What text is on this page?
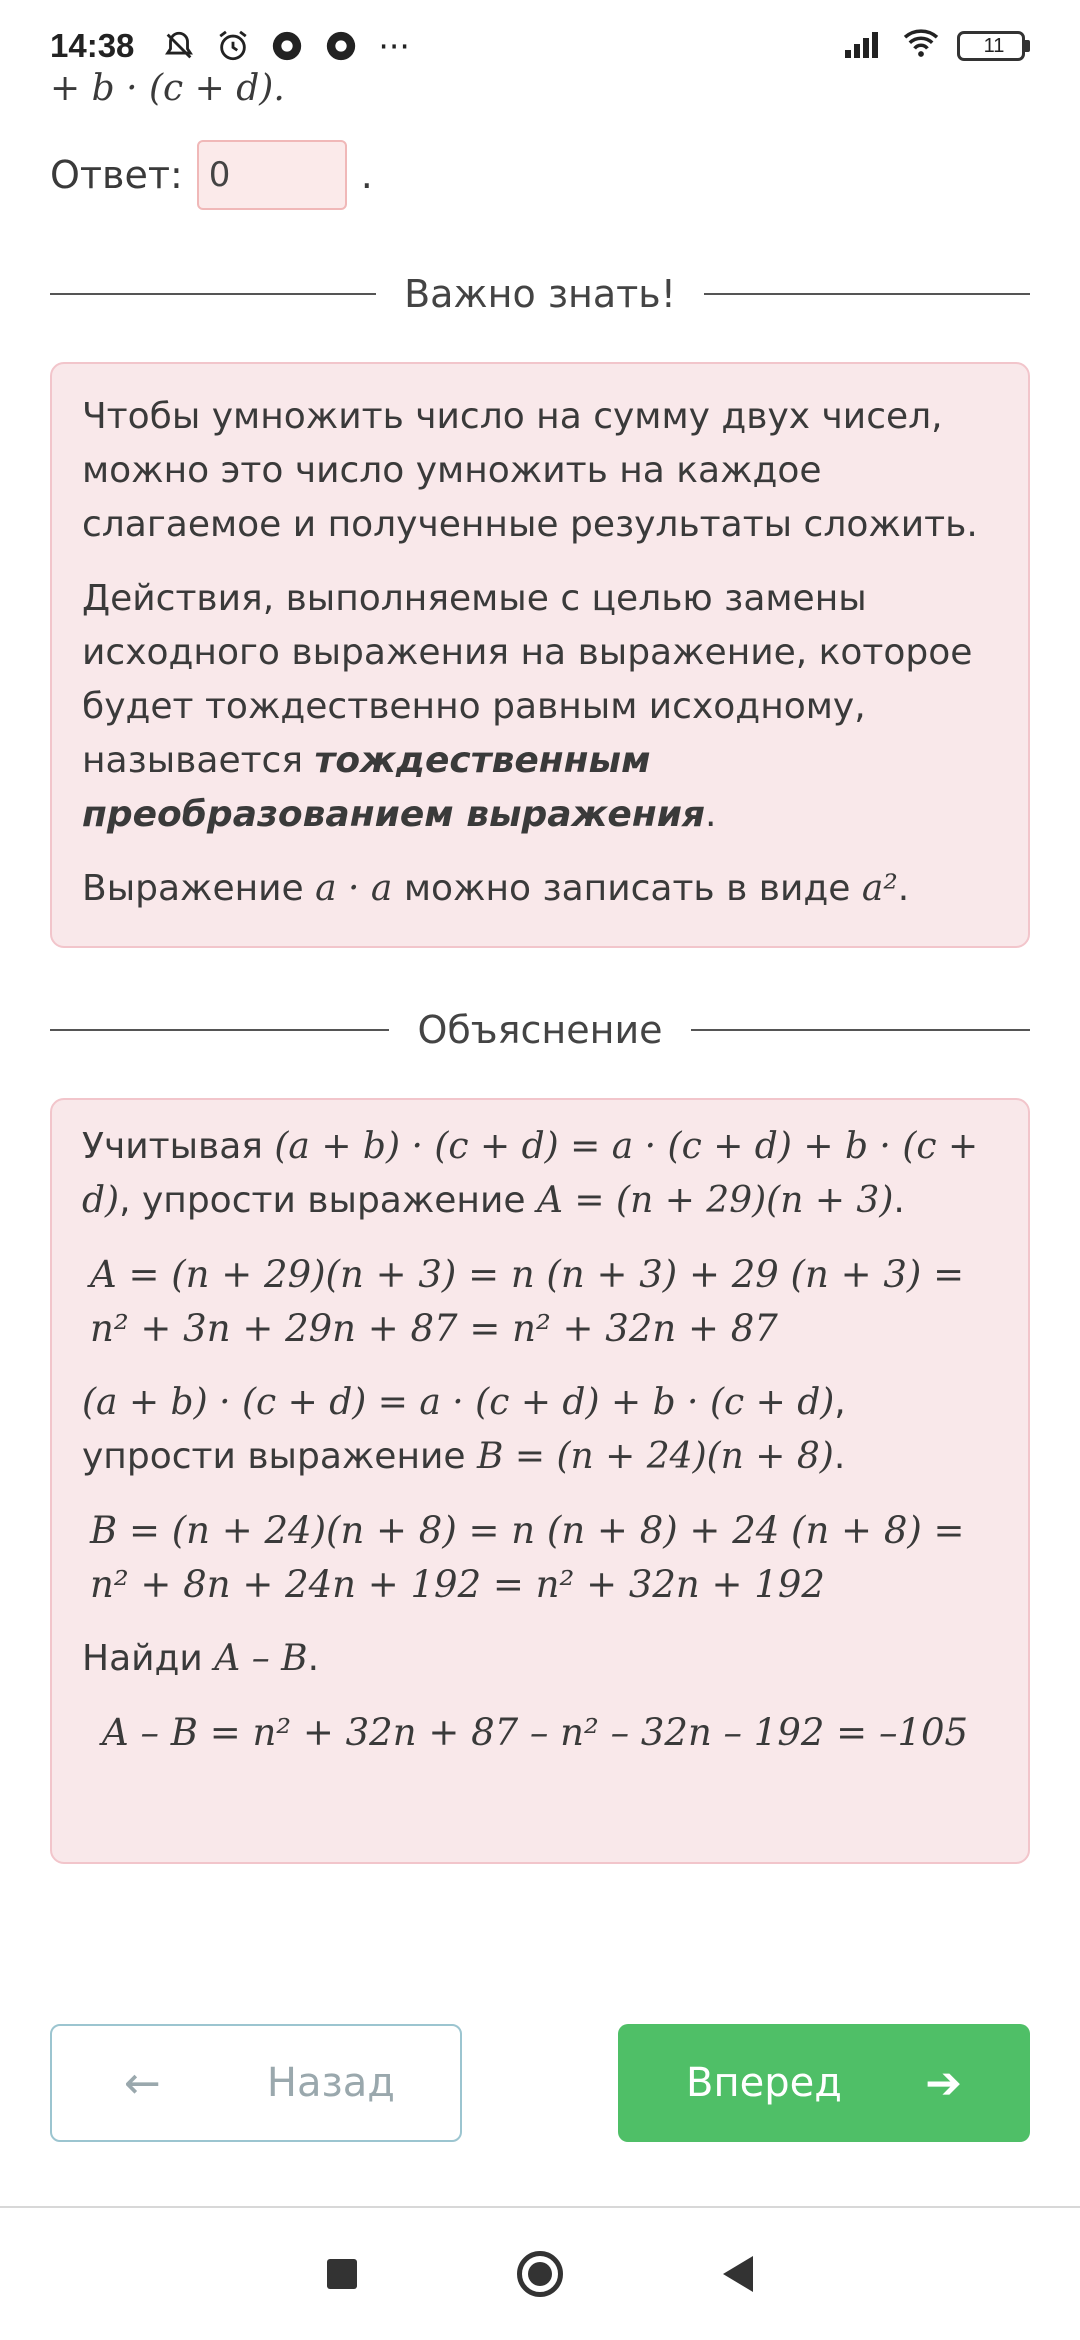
14:38	···	11
+ b · (c + d).
Ответ:
0	.
Важно знать!

Чтобы умножить число на сумму двух чисел, можно это число умножить на каждое слагаемое и полученные результаты сложить.

Действия, выполняемые с целью замены исходного выражения на выражение, которое будет тождественно равным исходному, называется тождественным преобразованием выражения.

Выражение a · a можно записать в виде a².

Объяснение

Учитывая (a + b) · (c + d) = a · (c + d) + b · (c + d), упрости выражение A = (n + 29)(n + 3).

A = (n + 29)(n + 3) = n (n + 3) + 29 (n + 3) =
n² + 3n + 29n + 87 = n² + 32n + 87

(a + b) · (c + d) = a · (c + d) + b · (c + d), упрости выражение B = (n + 24)(n + 8).

B = (n + 24)(n + 8) = n (n + 8) + 24 (n + 8) =
n² + 8n + 24n + 192 = n² + 32n + 192

Найди A – B.

A – B = n² + 32n + 87 – n² – 32n – 192 = –105

←	Назад	Вперед ➔
